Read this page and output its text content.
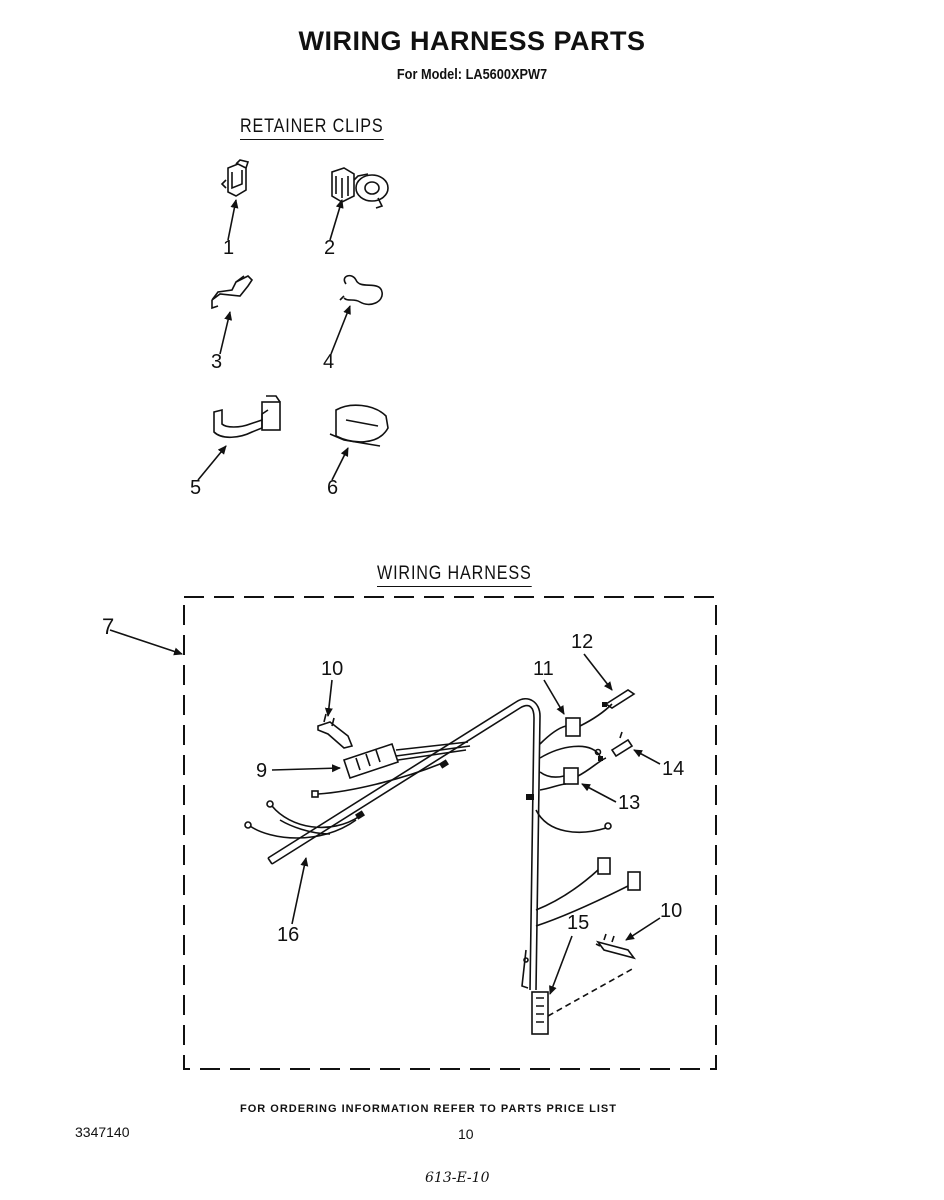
WIRING HARNESS PARTS
For Model: LA5600XPW7
RETAINER CLIPS
WIRING HARNESS
1	2
3	4
5	6
7
10
12
11
9	14
13
10
15
16
FOR ORDERING INFORMATION REFER TO PARTS PRICE LIST
3347140	10
613-E-10
